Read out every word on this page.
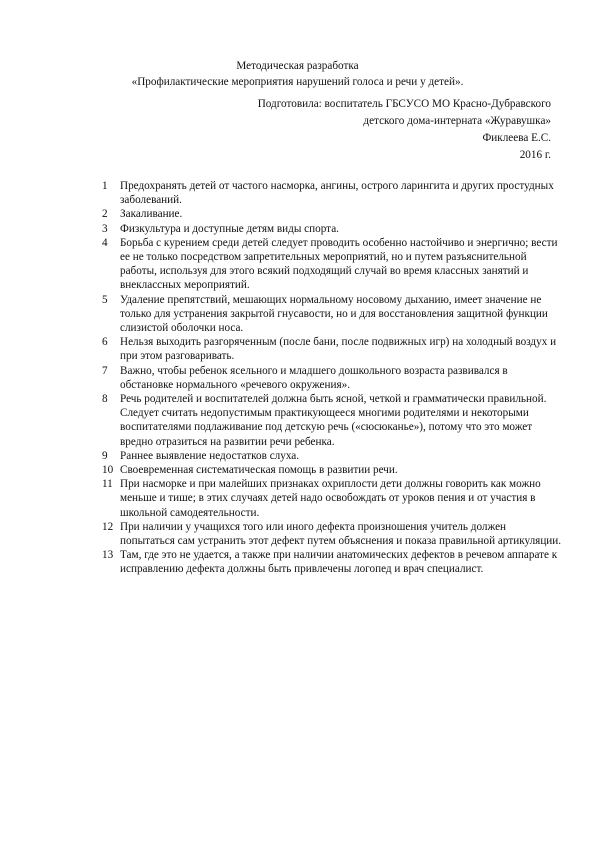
Методическая разработка
«Профилактические мероприятия нарушений голоса и речи у детей».
Подготовила: воспитатель ГБСУСО МО Красно-Дубравского
детского дома-интерната «Журавушка»
Фиклеева Е.С.
2016 г.
1 Предохранять детей от частого насморка, ангины, острого ларингита и других простудных заболеваний.
2 Закаливание.
3 Физкультура и доступные детям виды спорта.
4 Борьба с курением среди детей следует проводить особенно настойчиво и энергично; вести ее не только посредством запретительных мероприятий, но и путем разъяснительной работы, используя для этого всякий подходящий случай во время классных занятий и внеклассных мероприятий.
5 Удаление препятствий, мешающих нормальному носовому дыханию, имеет значение не только для устранения закрытой гнусавости, но и для восстановления защитной функции слизистой оболочки носа.
6 Нельзя выходить разгоряченным (после бани, после подвижных игр) на холодный воздух и при этом разговаривать.
7 Важно, чтобы ребенок ясельного и младшего дошкольного возраста развивался в обстановке нормального «речевого окружения».
8 Речь родителей и воспитателей должна быть ясной, четкой и грамматически правильной. Следует считать недопустимым практикующееся многими родителями и некоторыми воспитателями подлаживание под детскую речь («сюсюканье»), потому что это может вредно отразиться на развитии речи ребенка.
9 Раннее выявление недостатков слуха.
10 Своевременная систематическая помощь в развитии речи.
11 При насморке и при малейших признаках охриплости дети должны говорить как можно меньше и тише; в этих случаях детей надо освобождать от уроков пения и от участия в школьной самодеятельности.
12 При наличии у учащихся того или иного дефекта произношения учитель должен попытаться сам устранить этот дефект путем объяснения и показа правильной артикуляции.
13 Там, где это не удается, а также при наличии анатомических дефектов в речевом аппарате к исправлению дефекта должны быть привлечены логопед и врач специалист.
